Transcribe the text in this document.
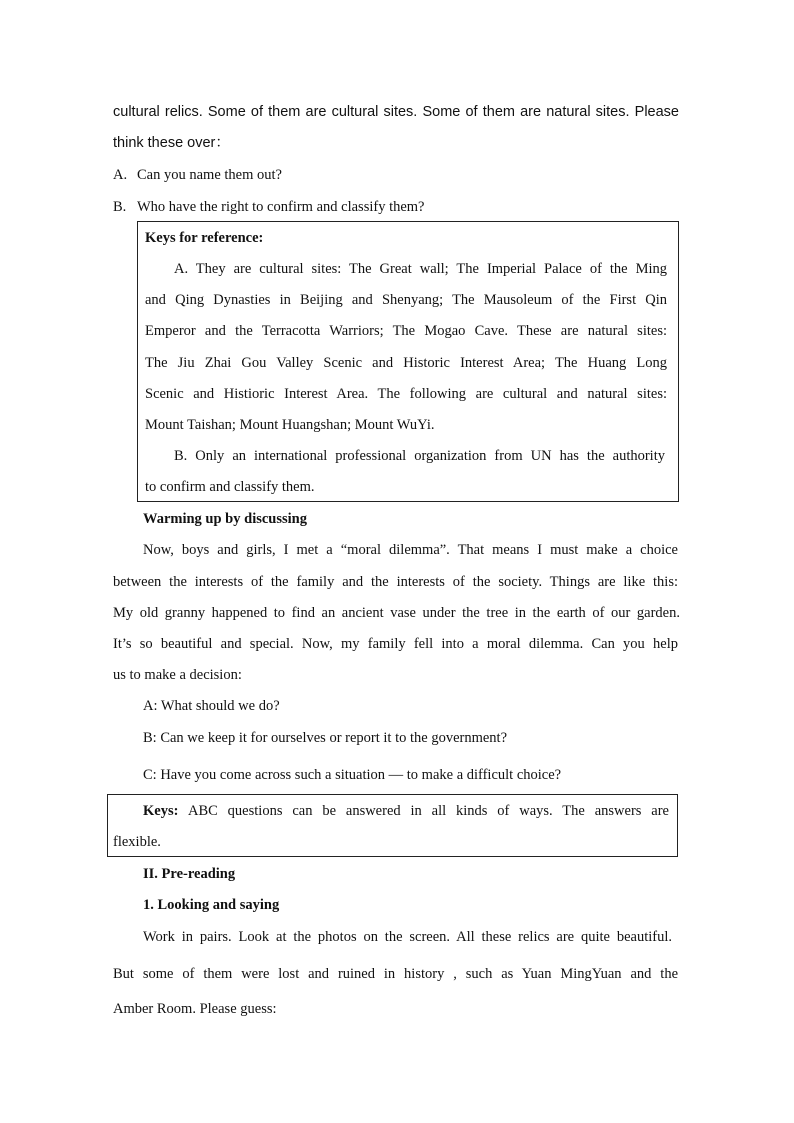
cultural relics. Some of them are cultural sites. Some of them are natural sites. Please
think these over：
A. Can you name them out?
B. Who have the right to confirm and classify them?
Keys for reference:
A. They are cultural sites: The Great wall; The Imperial Palace of the Ming
and Qing Dynasties in Beijing and Shenyang; The Mausoleum of the First Qin
Emperor and the Terracotta Warriors; The Mogao Cave. These are natural sites:
The Jiu Zhai Gou Valley Scenic and Historic Interest Area; The Huang Long
Scenic and Histioric Interest Area. The following are cultural and natural sites:
Mount Taishan; Mount Huangshan; Mount WuYi.
B. Only an international professional organization from UN has the authority
to confirm and classify them.
Warming up by discussing
Now, boys and girls, I met a “moral dilemma”. That means I must make a choice
between the interests of the family and the interests of the society. Things are like this:
My old granny happened to find an ancient vase under the tree in the earth of our garden.
It’s so beautiful and special. Now, my family fell into a moral dilemma. Can you help
us to make a decision:
A: What should we do?
B: Can we keep it for ourselves or report it to the government?
C: Have you come across such a situation — to make a difficult choice?
Keys: ABC questions can be answered in all kinds of ways. The answers are
flexible.
II. Pre-reading
1. Looking and saying
Work in pairs. Look at the photos on the screen. All these relics are quite beautiful.
But some of them were lost and ruined in history , such as Yuan MingYuan and the
Amber Room. Please guess:
